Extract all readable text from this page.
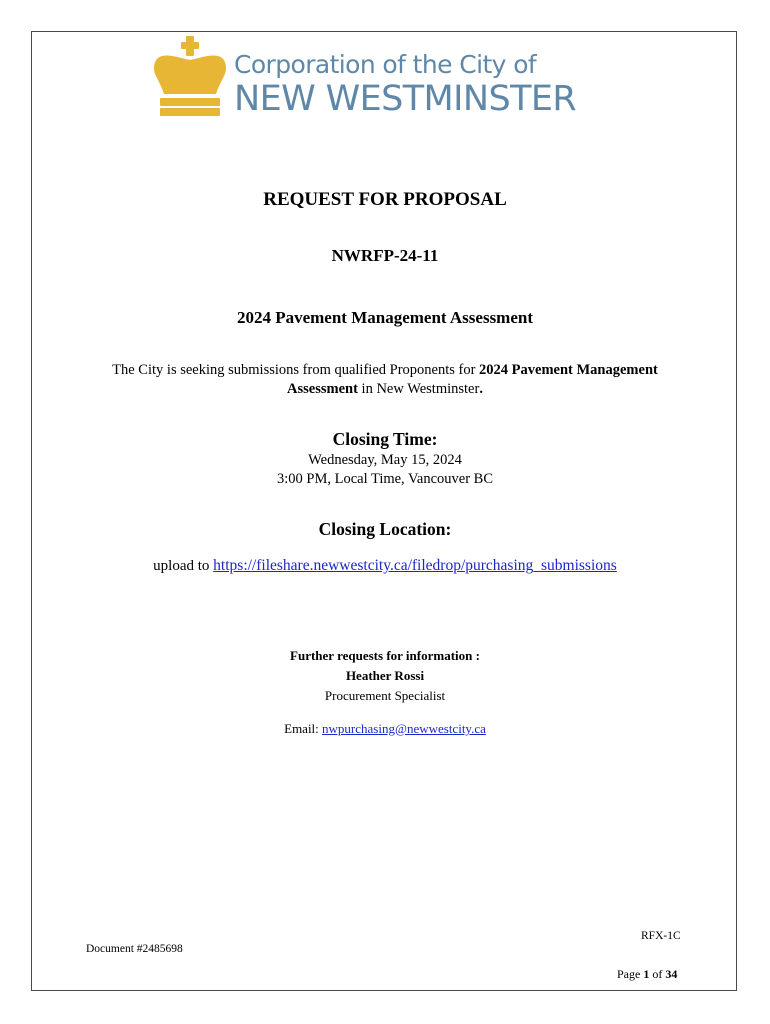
Corporation of the City of
NEW WESTMINSTER
REQUEST FOR PROPOSAL
NWRFP-24-11
2024 Pavement Management Assessment
The City is seeking submissions from qualified Proponents for 2024 Pavement Management
Assessment in New Westminster.
Closing Time:
Wednesday, May 15, 2024
3:00 PM, Local Time, Vancouver BC
Closing Location:
upload to https://fileshare.newwestcity.ca/filedrop/purchasing_submissions
Further requests for information :
Heather Rossi
Procurement Specialist
Email: nwpurchasing@newwestcity.ca
RFX-1C
Document #2485698
Page 1 of 34
